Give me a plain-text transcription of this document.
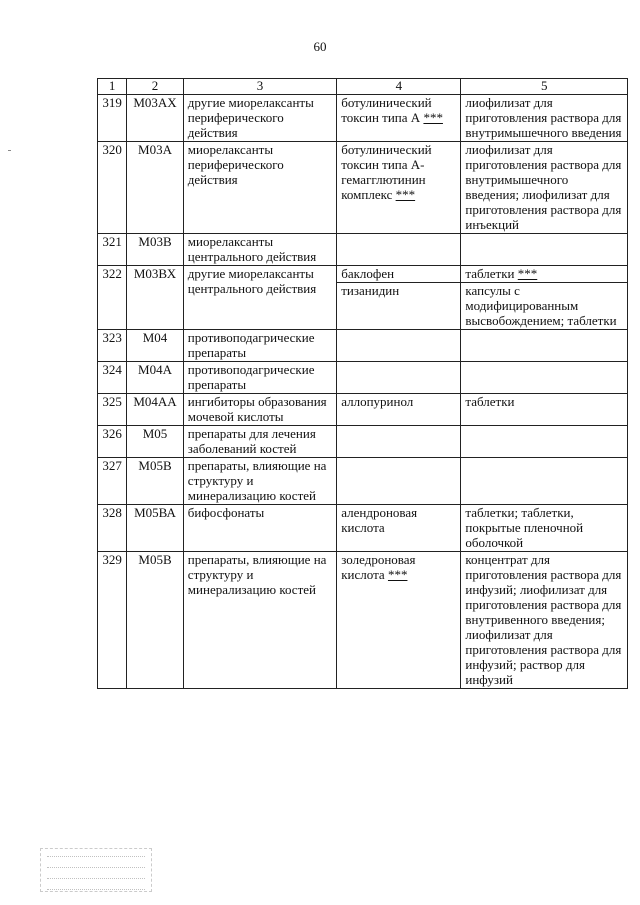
60
1	2	3	4	5
319	М03АХ	другие миорелаксанты периферического действия	ботулинический токсин типа А ***	лиофилизат для приготовления раствора для внутримышечного введения
320	М03А	миорелаксанты периферического действия	ботулинический токсин типа А-гемагглютинин комплекс ***	лиофилизат для приготовления раствора для внутримышечного введения; лиофилизат для приготовления раствора для инъекций
321	М03В	миорелаксанты центрального действия		
322	М03ВХ	другие миорелаксанты центрального действия	баклофен	таблетки ***
			тизанидин	капсулы с модифицированным высвобождением; таблетки
323	М04	противоподагрические препараты		
324	М04А	противоподагрические препараты		
325	М04АА	ингибиторы образования мочевой кислоты	аллопуринол	таблетки
326	М05	препараты для лечения заболеваний костей		
327	М05В	препараты, влияющие на структуру и минерализацию костей		
328	М05ВА	бифосфонаты	алендроновая кислота	таблетки; таблетки, покрытые пленочной оболочкой
329	М05В	препараты, влияющие на структуру и минерализацию костей	золедроновая кислота ***	концентрат для приготовления раствора для инфузий; лиофилизат для приготовления раствора для внутривенного введения; лиофилизат для приготовления раствора для инфузий; раствор для инфузий
